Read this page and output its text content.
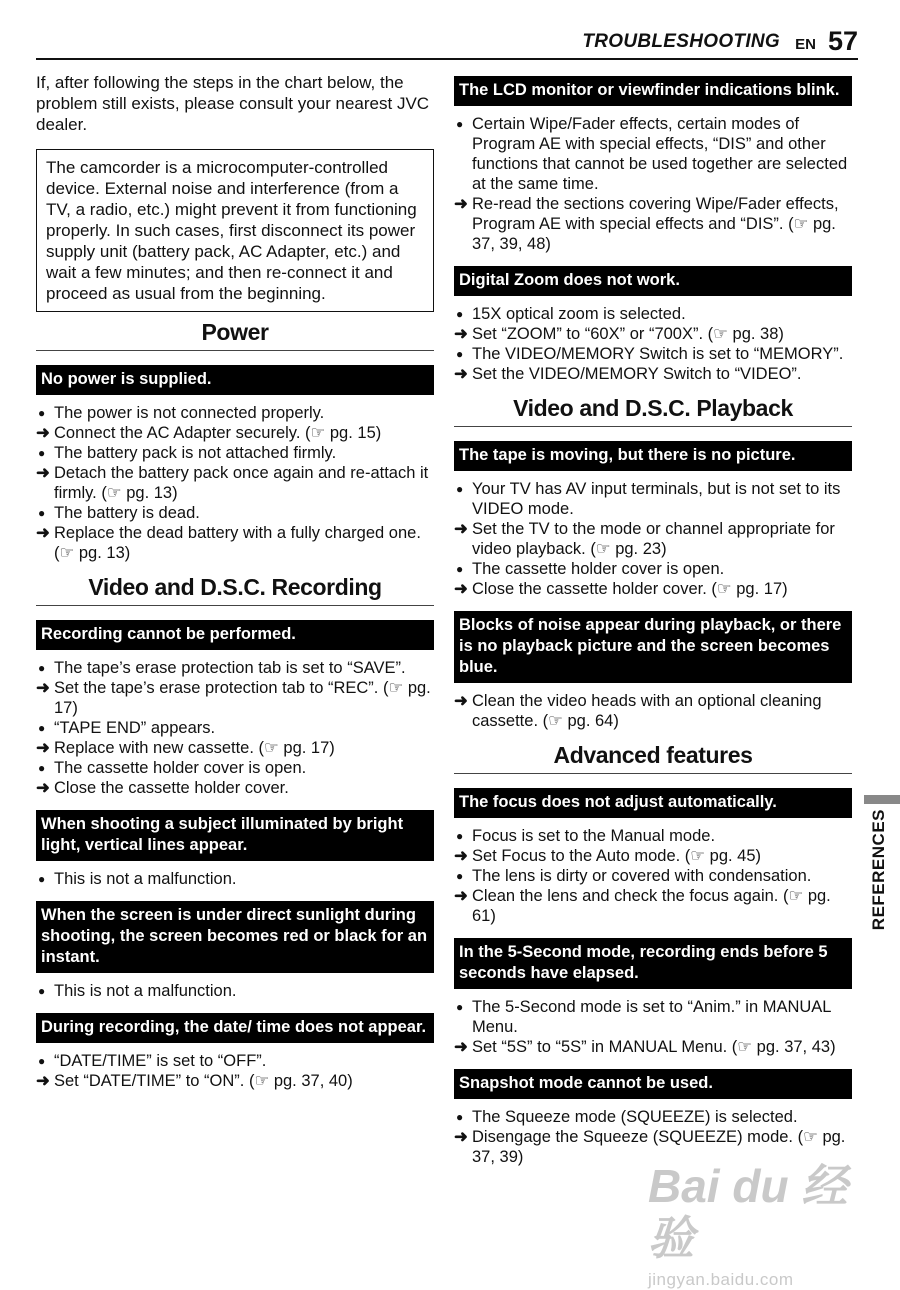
TROUBLESHOOTING EN 57

If, after following the steps in the chart below, the problem still exists, please consult your nearest JVC dealer.

The camcorder is a microcomputer-controlled device. External noise and interference (from a TV, a radio, etc.) might prevent it from functioning properly. In such cases, first disconnect its power supply unit (battery pack, AC Adapter, etc.) and wait a few minutes; and then re-connect it and proceed as usual from the beginning.
Power
No power is supplied.
● The power is not connected properly.
➜ Connect the AC Adapter securely. (☞ pg. 15)
● The battery pack is not attached firmly.
➜ Detach the battery pack once again and re-attach it firmly. (☞ pg. 13)
● The battery is dead.
➜ Replace the dead battery with a fully charged one. (☞ pg. 13)
Video and D.S.C. Recording
Recording cannot be performed.
● The tape’s erase protection tab is set to “SAVE”.
➜ Set the tape’s erase protection tab to “REC”. (☞ pg. 17)
● “TAPE END” appears.
➜ Replace with new cassette. (☞ pg. 17)
● The cassette holder cover is open.
➜ Close the cassette holder cover.
When shooting a subject illuminated by bright light, vertical lines appear.
● This is not a malfunction.
When the screen is under direct sunlight during shooting, the screen becomes red or black for an instant.
● This is not a malfunction.
During recording, the date/ time does not appear.
● “DATE/TIME” is set to “OFF”.
➜ Set “DATE/TIME” to “ON”. (☞ pg. 37, 40)
The LCD monitor or viewfinder indications blink.
● Certain Wipe/Fader effects, certain modes of Program AE with special effects, “DIS” and other functions that cannot be used together are selected at the same time.
➜ Re-read the sections covering Wipe/Fader effects, Program AE with special effects and “DIS”. (☞ pg. 37, 39, 48)
Digital Zoom does not work.
● 15X optical zoom is selected.
➜ Set “ZOOM” to “60X” or “700X”. (☞ pg. 38)
● The VIDEO/MEMORY Switch is set to “MEMORY”.
➜ Set the VIDEO/MEMORY Switch to “VIDEO”.
Video and D.S.C. Playback
The tape is moving, but there is no picture.
● Your TV has AV input terminals, but is not set to its VIDEO mode.
➜ Set the TV to the mode or channel appropriate for video playback. (☞ pg. 23)
● The cassette holder cover is open.
➜ Close the cassette holder cover. (☞ pg. 17)
Blocks of noise appear during playback, or there is no playback picture and the screen becomes blue.
➜ Clean the video heads with an optional cleaning cassette. (☞ pg. 64)
Advanced features
The focus does not adjust automatically.
● Focus is set to the Manual mode.
➜ Set Focus to the Auto mode. (☞ pg. 45)
● The lens is dirty or covered with condensation.
➜ Clean the lens and check the focus again. (☞ pg. 61)
In the 5-Second mode, recording ends before 5 seconds have elapsed.
● The 5-Second mode is set to “Anim.” in MANUAL Menu.
➜ Set “5S” to “5S” in MANUAL Menu. (☞ pg. 37, 43)
Snapshot mode cannot be used.
● The Squeeze mode (SQUEEZE) is selected.
➜ Disengage the Squeeze (SQUEEZE) mode. (☞ pg. 37, 39)
REFERENCES
Bai du 经验
jingyan.baidu.com
